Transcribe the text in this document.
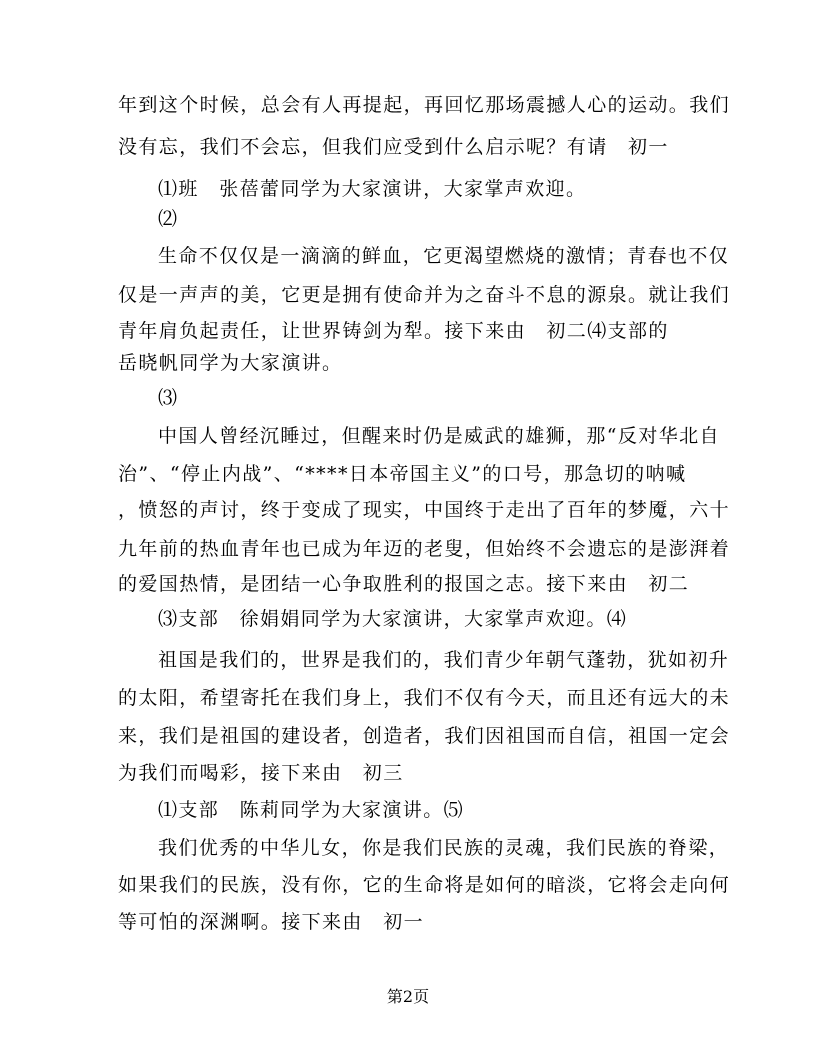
年到这个时候，总会有人再提起，再回忆那场震撼人心的运动。我们
没有忘，我们不会忘，但我们应受到什么启示呢？有请　初一
⑴班　张蓓蕾同学为大家演讲，大家掌声欢迎。
⑵
生命不仅仅是一滴滴的鲜血，它更渴望燃烧的激情；青春也不仅
仅是一声声的美，它更是拥有使命并为之奋斗不息的源泉。就让我们
青年肩负起责任，让世界铸剑为犁。接下来由　初二⑷支部的
岳晓帆同学为大家演讲。
⑶
中国人曾经沉睡过，但醒来时仍是威武的雄狮，那“反对华北自
治”、“停止内战”、“****日本帝国主义”的口号，那急切的呐喊
，愤怒的声讨，终于变成了现实，中国终于走出了百年的梦魇，六十
九年前的热血青年也已成为年迈的老叟，但始终不会遗忘的是澎湃着
的爱国热情，是团结一心争取胜利的报国之志。接下来由　初二
⑶支部　徐娟娟同学为大家演讲，大家掌声欢迎。⑷
祖国是我们的，世界是我们的，我们青少年朝气蓬勃，犹如初升
的太阳，希望寄托在我们身上，我们不仅有今天，而且还有远大的未
来，我们是祖国的建设者，创造者，我们因祖国而自信，祖国一定会
为我们而喝彩，接下来由　初三
⑴支部　陈莉同学为大家演讲。⑸
我们优秀的中华儿女，你是我们民族的灵魂，我们民族的脊梁，
如果我们的民族，没有你，它的生命将是如何的暗淡，它将会走向何
等可怕的深渊啊。接下来由　初一
第2页
